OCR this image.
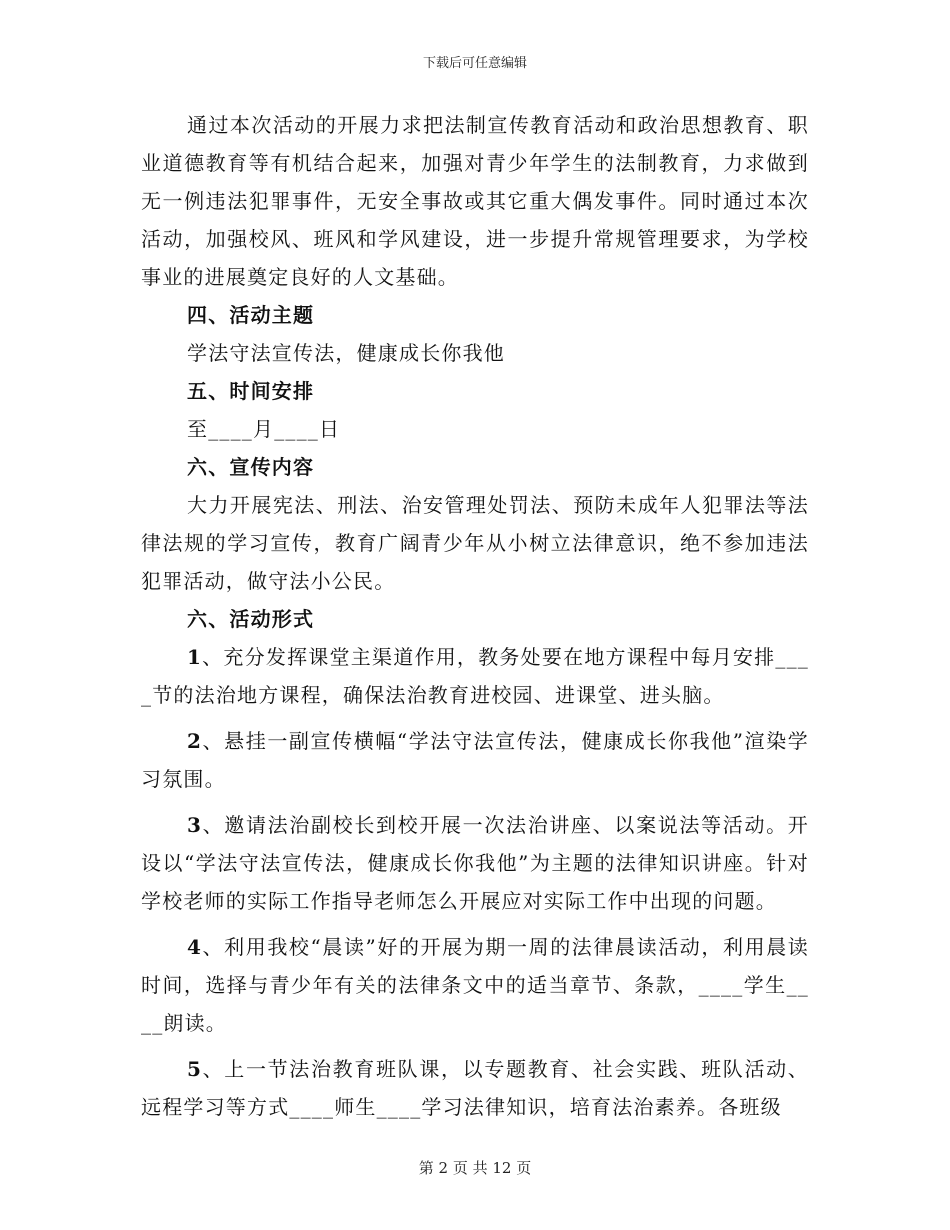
下载后可任意编辑

通过本次活动的开展力求把法制宣传教育活动和政治思想教育、职业道德教育等有机结合起来，加强对青少年学生的法制教育，力求做到无一例违法犯罪事件，无安全事故或其它重大偶发事件。同时通过本次活动，加强校风、班风和学风建设，进一步提升常规管理要求，为学校事业的进展奠定良好的人文基础。

四、活动主题

学法守法宣传法，健康成长你我他

五、时间安排

至____月____日

六、宣传内容

大力开展宪法、刑法、治安管理处罚法、预防未成年人犯罪法等法律法规的学习宣传，教育广阔青少年从小树立法律意识，绝不参加违法犯罪活动，做守法小公民。

六、活动形式

1、充分发挥课堂主渠道作用，教务处要在地方课程中每月安排____节的法治地方课程，确保法治教育进校园、进课堂、进头脑。

2、悬挂一副宣传横幅“学法守法宣传法，健康成长你我他”渲染学习氛围。

3、邀请法治副校长到校开展一次法治讲座、以案说法等活动。开设以“学法守法宣传法，健康成长你我他”为主题的法律知识讲座。针对学校老师的实际工作指导老师怎么开展应对实际工作中出现的问题。

4、利用我校“晨读”好的开展为期一周的法律晨读活动，利用晨读时间，选择与青少年有关的法律条文中的适当章节、条款，____学生____朗读。

5、上一节法治教育班队课，以专题教育、社会实践、班队活动、远程学习等方式____师生____学习法律知识，培育法治素养。各班级

第 2 页 共 12 页
